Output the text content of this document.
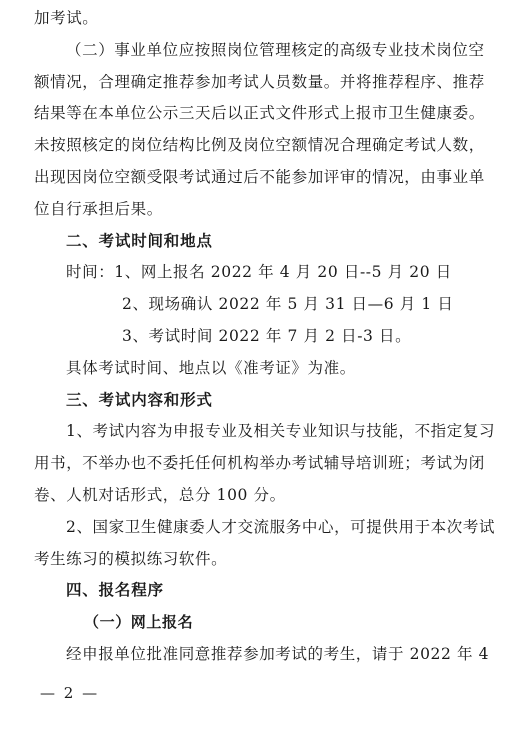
加考试。
（二）事业单位应按照岗位管理核定的高级专业技术岗位空
额情况，合理确定推荐参加考试人员数量。并将推荐程序、推荐
结果等在本单位公示三天后以正式文件形式上报市卫生健康委。
未按照核定的岗位结构比例及岗位空额情况合理确定考试人数，
出现因岗位空额受限考试通过后不能参加评审的情况，由事业单
位自行承担后果。
二、考试时间和地点
时间：1、网上报名 2022 年 4 月 20 日--5 月 20 日
2、现场确认 2022 年 5 月 31 日—6 月 1 日
3、考试时间 2022 年 7 月 2 日-3 日。
具体考试时间、地点以《准考证》为准。
三、考试内容和形式
1、考试内容为申报专业及相关专业知识与技能，不指定复习
用书，不举办也不委托任何机构举办考试辅导培训班；考试为闭
卷、人机对话形式，总分 100 分。
2、国家卫生健康委人才交流服务中心，可提供用于本次考试
考生练习的模拟练习软件。
四、报名程序
（一）网上报名
经申报单位批准同意推荐参加考试的考生，请于 2022 年 4
— 2 —
